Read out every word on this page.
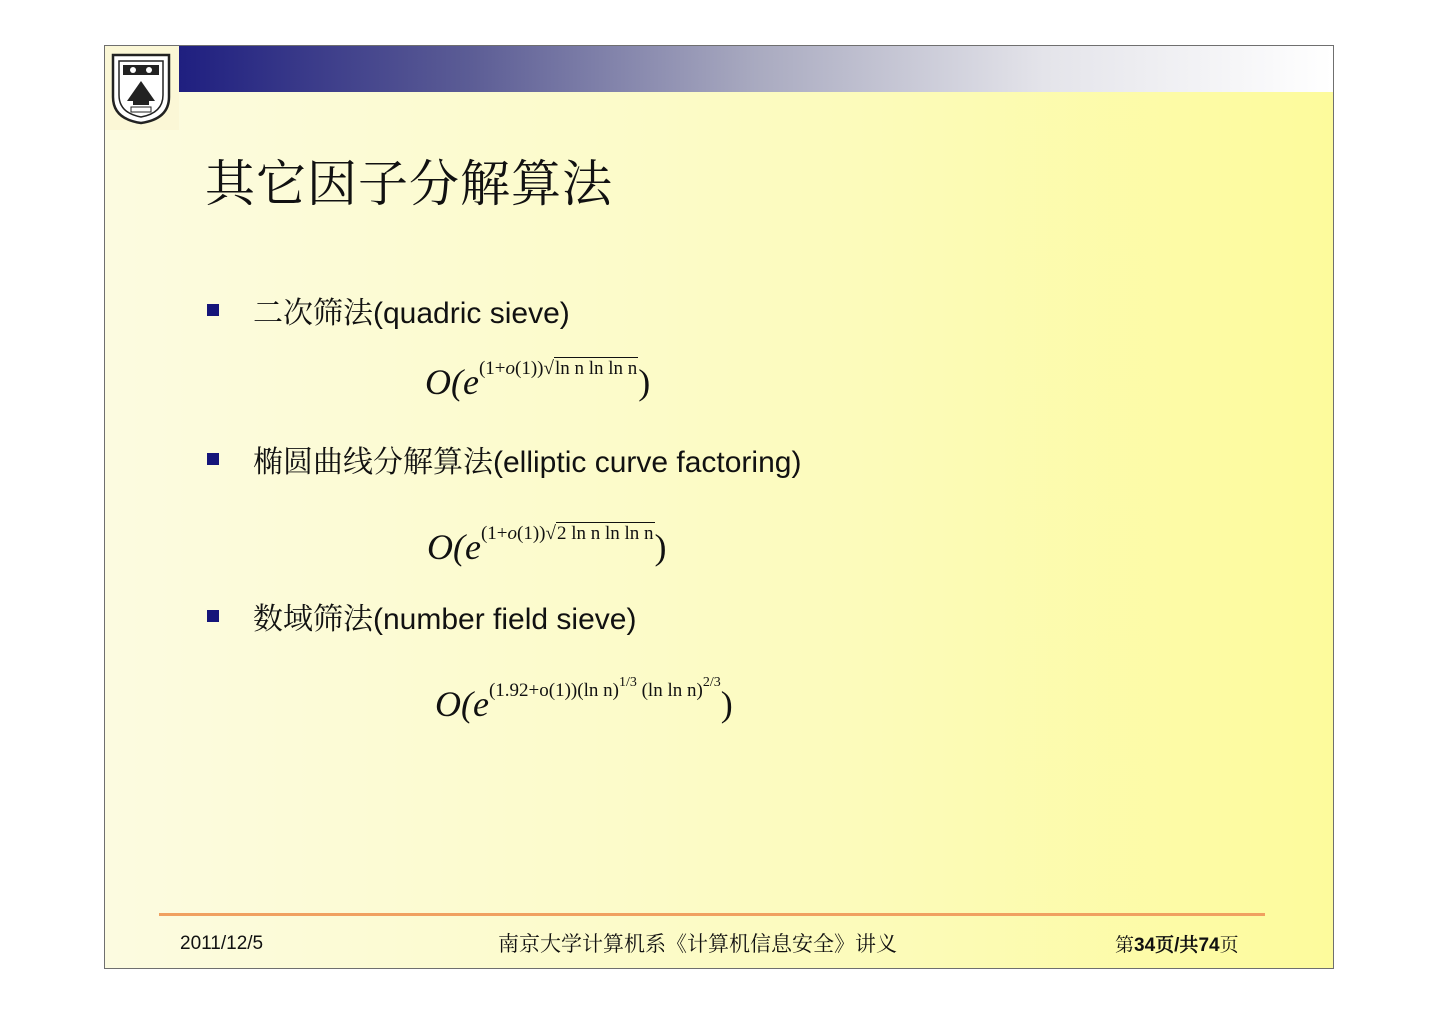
其它因子分解算法
二次筛法(quadric sieve)
O(e(1+o(1))√ln n ln ln n)
椭圆曲线分解算法(elliptic curve factoring)
O(e(1+o(1))√2 ln n ln ln n)
数域筛法(number field sieve)
O(e(1.92+o(1))(ln n)$^{1/3}$ (ln ln n)$^{2/3}$)
2011/12/5	南京大学计算机系《计算机信息安全》讲义	第34页/共74页
